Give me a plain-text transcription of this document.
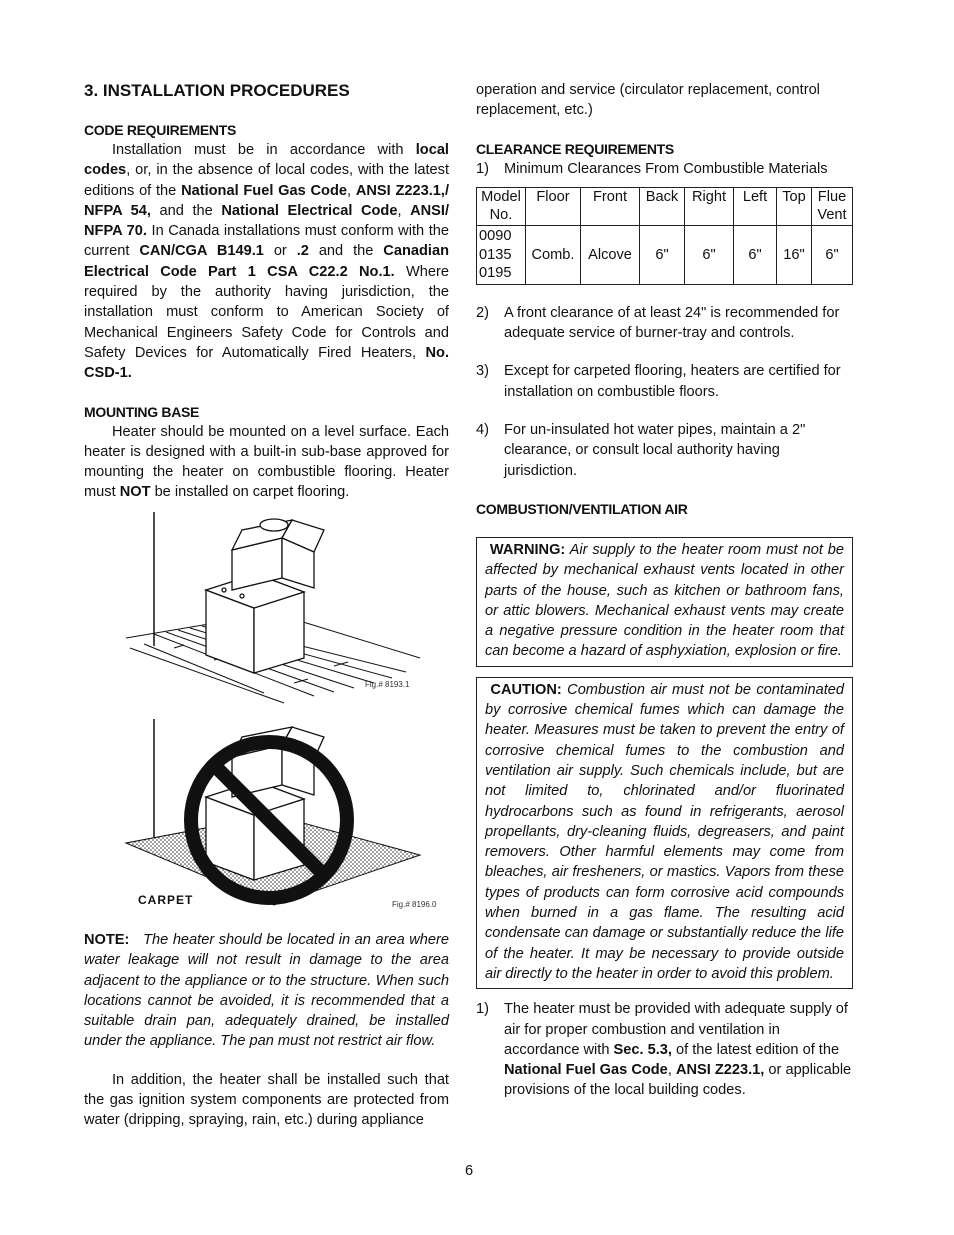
3. INSTALLATION PROCEDURES
CODE REQUIREMENTS

Installation must be in accordance with local codes, or, in the absence of local codes, with the latest editions of the National Fuel Gas Code, ANSI Z223.1,/ NFPA 54, and the National Electrical Code, ANSI/ NFPA 70. In Canada installations must conform with the current CAN/CGA B149.1 or .2 and the Canadian Electrical Code Part 1 CSA C22.2 No.1. Where required by the authority having jurisdiction, the installation must conform to American Society of Mechanical Engineers Safety Code for Controls and Safety Devices for Automatically Fired Heaters, No. CSD-1.

MOUNTING BASE

Heater should be mounted on a level surface. Each heater is designed with a built-in sub-base approved for mounting the heater on combustible flooring. Heater must NOT be installed on carpet flooring.

Fig.# 8193.1
CARPET	Fig.# 8196.0

NOTE: The heater should be located in an area where water leakage will not result in damage to the area adjacent to the appliance or to the structure. When such locations cannot be avoided, it is recommended that a suitable drain pan, adequately drained, be installed under the appliance. The pan must not restrict air flow.

In addition, the heater shall be installed such that the gas ignition system components are protected from water (dripping, spraying, rain, etc.) during appliance

operation and service (circulator replacement, control replacement, etc.)

CLEARANCE REQUIREMENTS
1)	Minimum Clearances From Combustible Materials
Model No.	Floor	Front	Back	Right	Left	Top	Flue Vent
0090 0135 0195	Comb.	Alcove	6"	6"	6"	16"	6"
2)	A front clearance of at least 24" is recommended for adequate service of burner-tray and controls.
3)	Except for carpeted flooring, heaters are certified for installation on combustible floors.
4)	For un-insulated hot water pipes, maintain a 2" clearance, or consult local authority having jurisdiction.
COMBUSTION/VENTILATION AIR
WARNING: Air supply to the heater room must not be affected by mechanical exhaust vents located in other parts of the house, such as kitchen or bathroom fans, or attic blowers. Mechanical exhaust vents may create a negative pressure condition in the heater room that can become a hazard of asphyxiation, explosion or fire.
CAUTION: Combustion air must not be contaminated by corrosive chemical fumes which can damage the heater. Measures must be taken to prevent the entry of corrosive chemical fumes to the combustion and ventilation air supply. Such chemicals include, but are not limited to, chlorinated and/or fluorinated hydrocarbons such as found in refrigerants, aerosol propellants, dry-cleaning fluids, degreasers, and paint removers. Other harmful elements may come from bleaches, air fresheners, or mastics. Vapors from these types of products can form corrosive acid compounds when burned in a gas flame. The resulting acid condensate can damage or substantially reduce the life of the heater. It may be necessary to provide outside air directly to the heater in order to avoid this problem.
1)	The heater must be provided with adequate supply of air for proper combustion and ventilation in accordance with Sec. 5.3, of the latest edition of the National Fuel Gas Code, ANSI Z223.1, or applicable provisions of the local building codes.
6
